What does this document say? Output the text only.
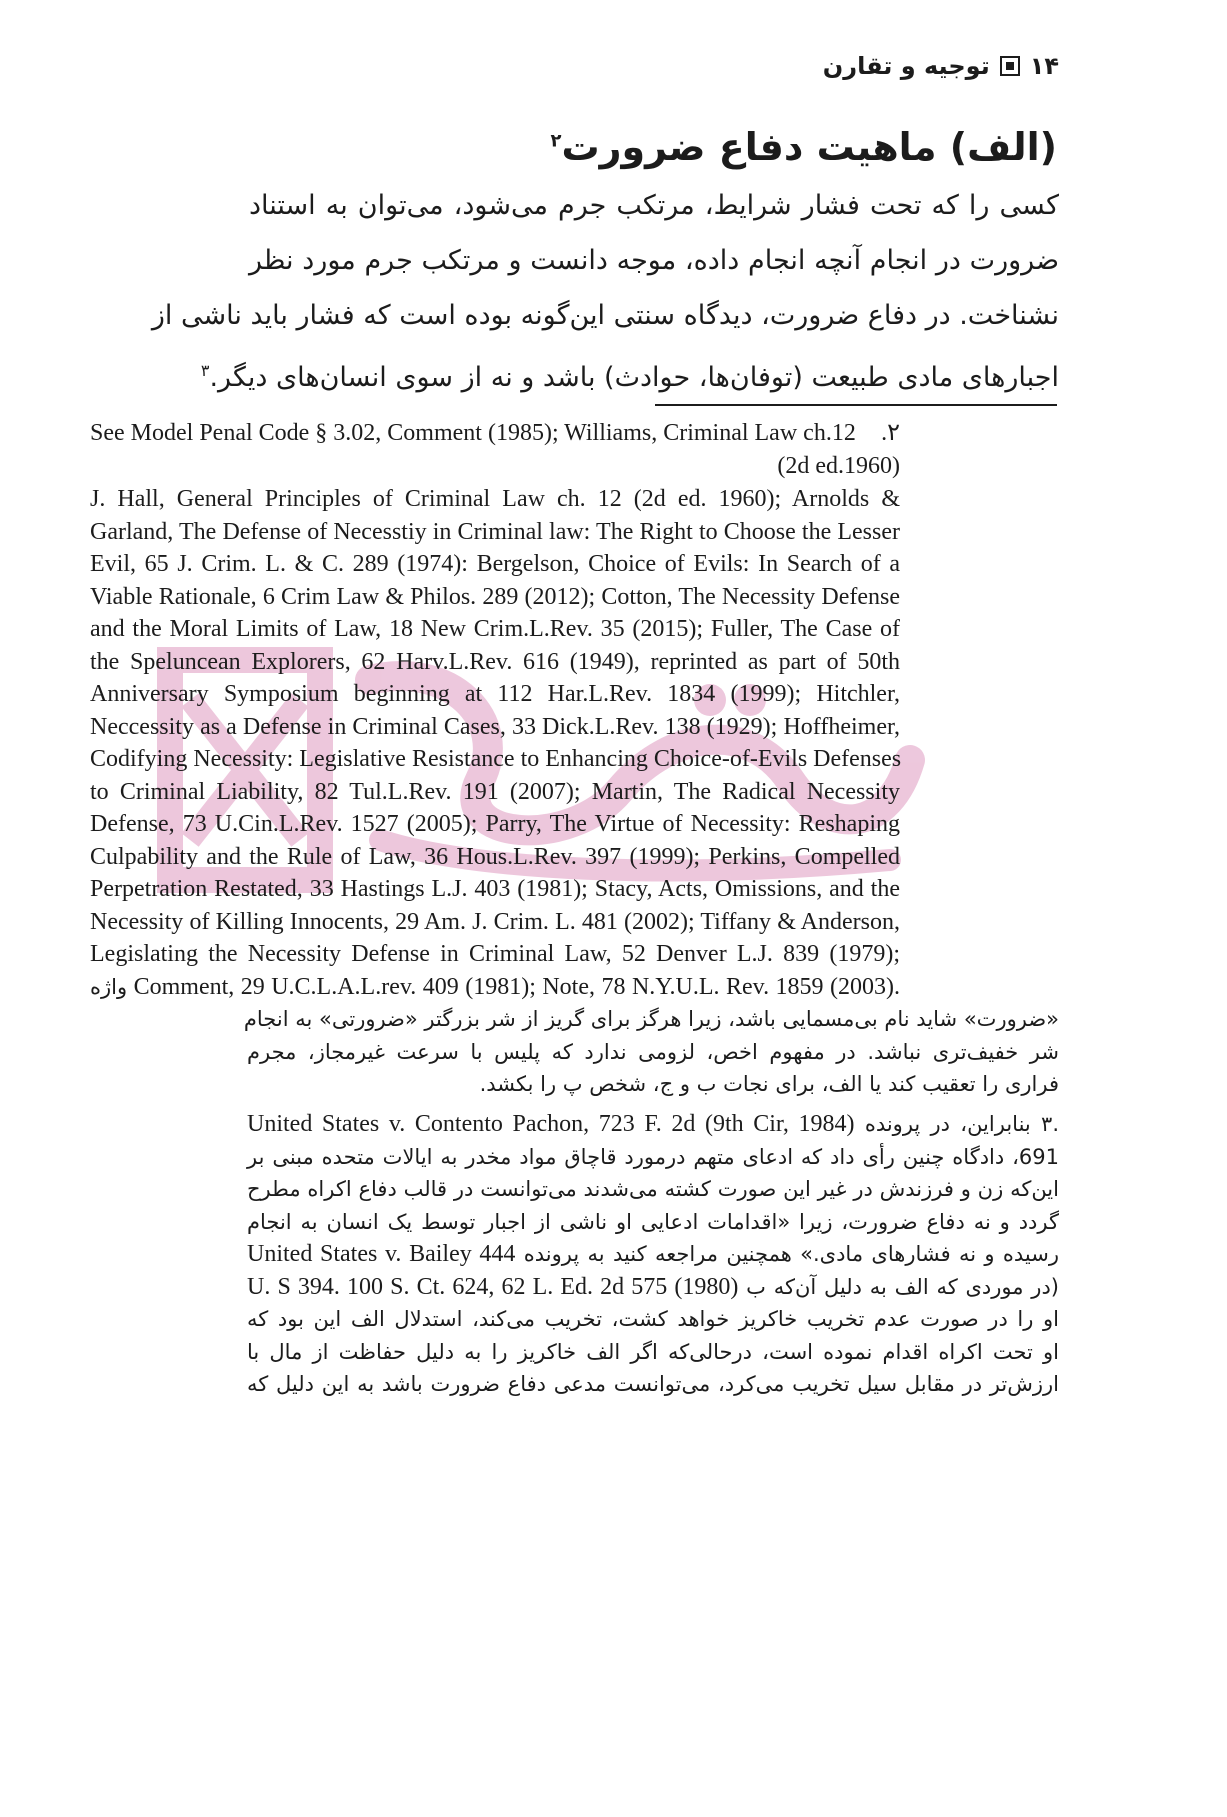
۱۴
توجیه و تقارن
(الف) ماهیت دفاع ضرورت$^۲$
کسی را که تحت فشار شرایط، مرتکب جرم می‌شود، می‌توان به استناد
ضرورت در انجام آنچه انجام داده، موجه دانست و مرتکب جرم مورد نظر
نشناخت. در دفاع ضرورت، دیدگاه سنتی این‌گونه بوده است که فشار باید ناشی از
اجبارهای مادی طبیعت (توفان‌ها، حوادث) باشد و نه از سوی انسان‌های دیگر.$^۳$
See Model Penal Code § 3.02, Comment (1985); Williams, Criminal Law ch.12 .۲
(2d ed.1960)
J. Hall, General Principles of Criminal Law ch. 12 (2d ed. 1960); Arnolds &
Garland, The Defense of Necesstiy in Criminal law: The Right to Choose the Lesser
Evil, 65 J. Crim. L. & C. 289 (1974): Bergelson, Choice of Evils: In Search of a
Viable Rationale, 6 Crim Law & Philos. 289 (2012); Cotton, The Necessity Defense
and the Moral Limits of Law, 18 New Crim.L.Rev. 35 (2015); Fuller, The Case of
the Speluncean Explorers, 62 Harv.L.Rev. 616 (1949), reprinted as part of 50th
Anniversary Symposium beginning at 112 Har.L.Rev. 1834 (1999); Hitchler,
Neccessity as a Defense in Criminal Cases, 33 Dick.L.Rev. 138 (1929); Hoffheimer,
Codifying Necessity: Legislative Resistance to Enhancing Choice-of-Evils Defenses
to Criminal Liability, 82 Tul.L.Rev. 191 (2007); Martin, The Radical Necessity
Defense, 73 U.Cin.L.Rev. 1527 (2005); Parry, The Virtue of Necessity: Reshaping
Culpability and the Rule of Law, 36 Hous.L.Rev. 397 (1999); Perkins, Compelled
Perpetration Restated, 33 Hastings L.J. 403 (1981); Stacy, Acts, Omissions, and the
Necessity of Killing Innocents, 29 Am. J. Crim. L. 481 (2002); Tiffany & Anderson,
Legislating the Necessity Defense in Criminal Law, 52 Denver L.J. 839 (1979);
واژه Comment, 29 U.C.L.A.L.rev. 409 (1981); Note, 78 N.Y.U.L. Rev. 1859 (2003).
«ضرورت» شاید نام بی‌مسمایی باشد، زیرا هرگز برای گریز از شر بزرگتر «ضرورتی» به انجام
شر خفیف‌تری نباشد. در مفهوم اخص، لزومی ندارد که پلیس با سرعت غیرمجاز، مجرم
فراری را تعقیب کند یا الف، برای نجات ب و ج، شخص پ را بکشد.
.۳ بنابراین، در پرونده United States v. Contento Pachon, 723 F. 2d (9th Cir, 1984)
691، دادگاه چنین رأی داد که ادعای متهم درمورد قاچاق مواد مخدر به ایالات متحده مبنی بر
این‌که زن و فرزندش در غیر این صورت کشته می‌شدند می‌توانست در قالب دفاع اکراه مطرح
گردد و نه دفاع ضرورت، زیرا «اقدامات ادعایی او ناشی از اجبار توسط یک انسان به انجام
رسیده و نه فشارهای مادی.» همچنین مراجعه کنید به پرونده United States v. Bailey 444
(در موردی که الف به دلیل آن‌که ب U. S 394. 100 S. Ct. 624, 62 L. Ed. 2d 575 (1980)
او را در صورت عدم تخریب خاکریز خواهد کشت، تخریب می‌کند، استدلال الف این بود که
او تحت اکراه اقدام نموده است، درحالی‌که اگر الف خاکریز را به دلیل حفاظت از مال با
ارزش‌تر در مقابل سیل تخریب می‌کرد، می‌توانست مدعی دفاع ضرورت باشد به این دلیل که
